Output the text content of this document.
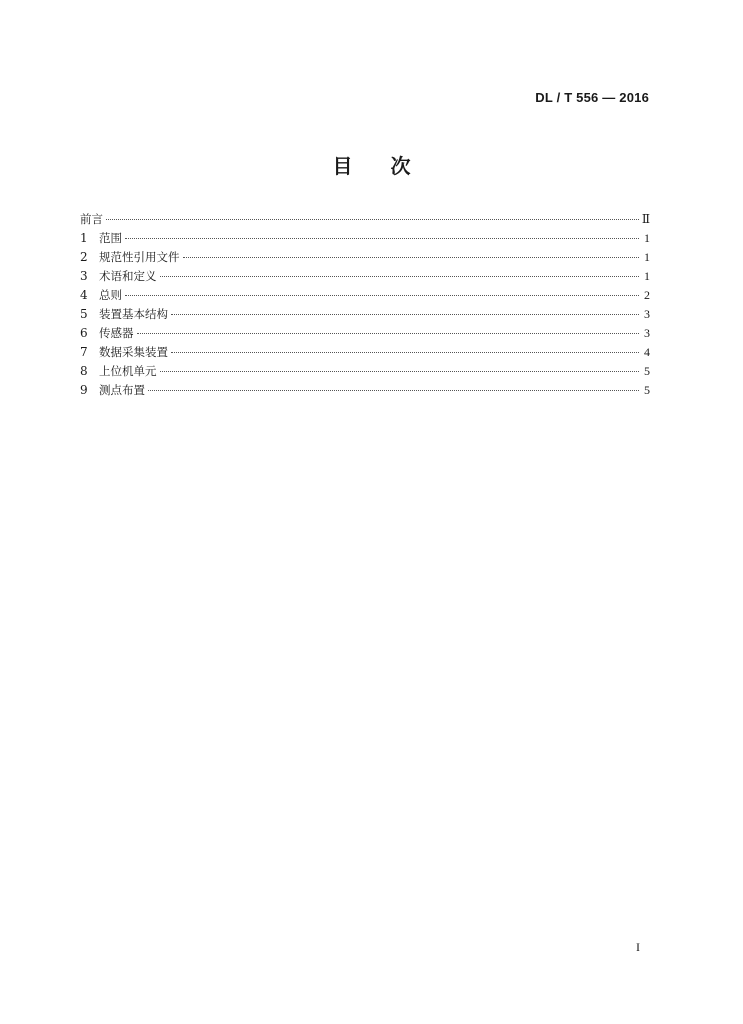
DL / T 556 — 2016
目次
前言	Ⅱ
1 范围	1
2 规范性引用文件	1
3 术语和定义	1
4 总则	2
5 装置基本结构	3
6 传感器	3
7 数据采集装置	4
8 上位机单元	5
9 测点布置	5
I
